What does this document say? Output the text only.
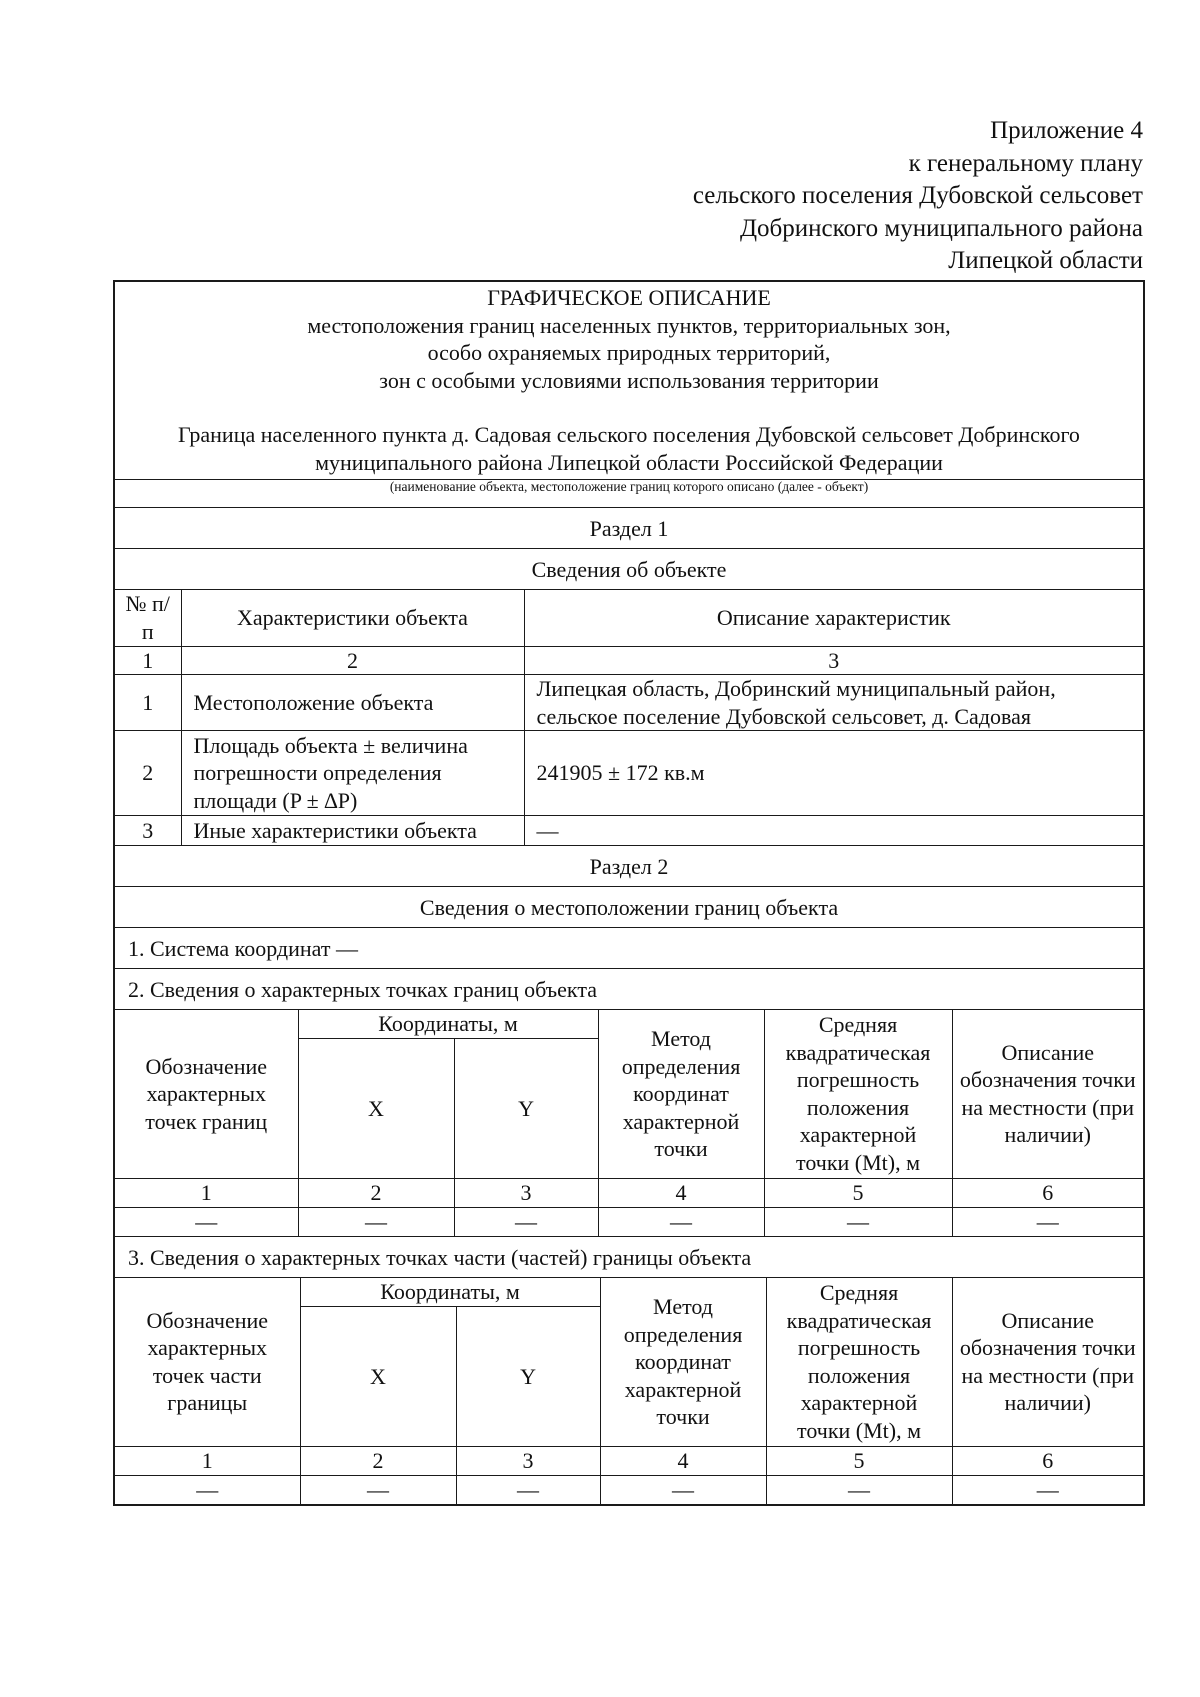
Приложение 4
к генеральному плану
сельского поселения Дубовской сельсовет
Добринского муниципального района
Липецкой области
ГРАФИЧЕСКОЕ ОПИСАНИЕ
местоположения границ населенных пунктов, территориальных зон,
особо охраняемых природных территорий,
зон с особыми условиями использования территории
Граница населенного пункта д. Садовая сельского поселения Дубовской сельсовет Добринского
муниципального района Липецкой области Российской Федерации
(наименование объекта, местоположение границ которого описано (далее - объект)
Раздел 1
Сведения об объекте
№ п/п	Характеристики объекта	Описание характеристик
1	2	3
1	Местоположение объекта	Липецкая область, Добринский муниципальный район, сельское поселение Дубовской сельсовет, д. Садовая
2	Площадь объекта ± величина погрешности определения площади (P ± ∆P)	241905 ± 172 кв.м
3	Иные характеристики объекта	—
Раздел 2
Сведения о местоположении границ объекта
1. Система координат —
2. Сведения о характерных точках границ объекта
Обозначение характерных точек границ	Координаты, м		Метод определения координат характерной точки	Средняя квадратическая погрешность положения характерной точки (Mt), м	Описание обозначения точки на местности (при наличии)
	X	Y			
1	2	3	4	5	6
—	—	—	—	—	—
3. Сведения о характерных точках части (частей) границы объекта
Обозначение характерных точек части границы	Координаты, м		Метод определения координат характерной точки	Средняя квадратическая погрешность положения характерной точки (Mt), м	Описание обозначения точки на местности (при наличии)
	X	Y			
1	2	3	4	5	6
—	—	—	—	—	—
